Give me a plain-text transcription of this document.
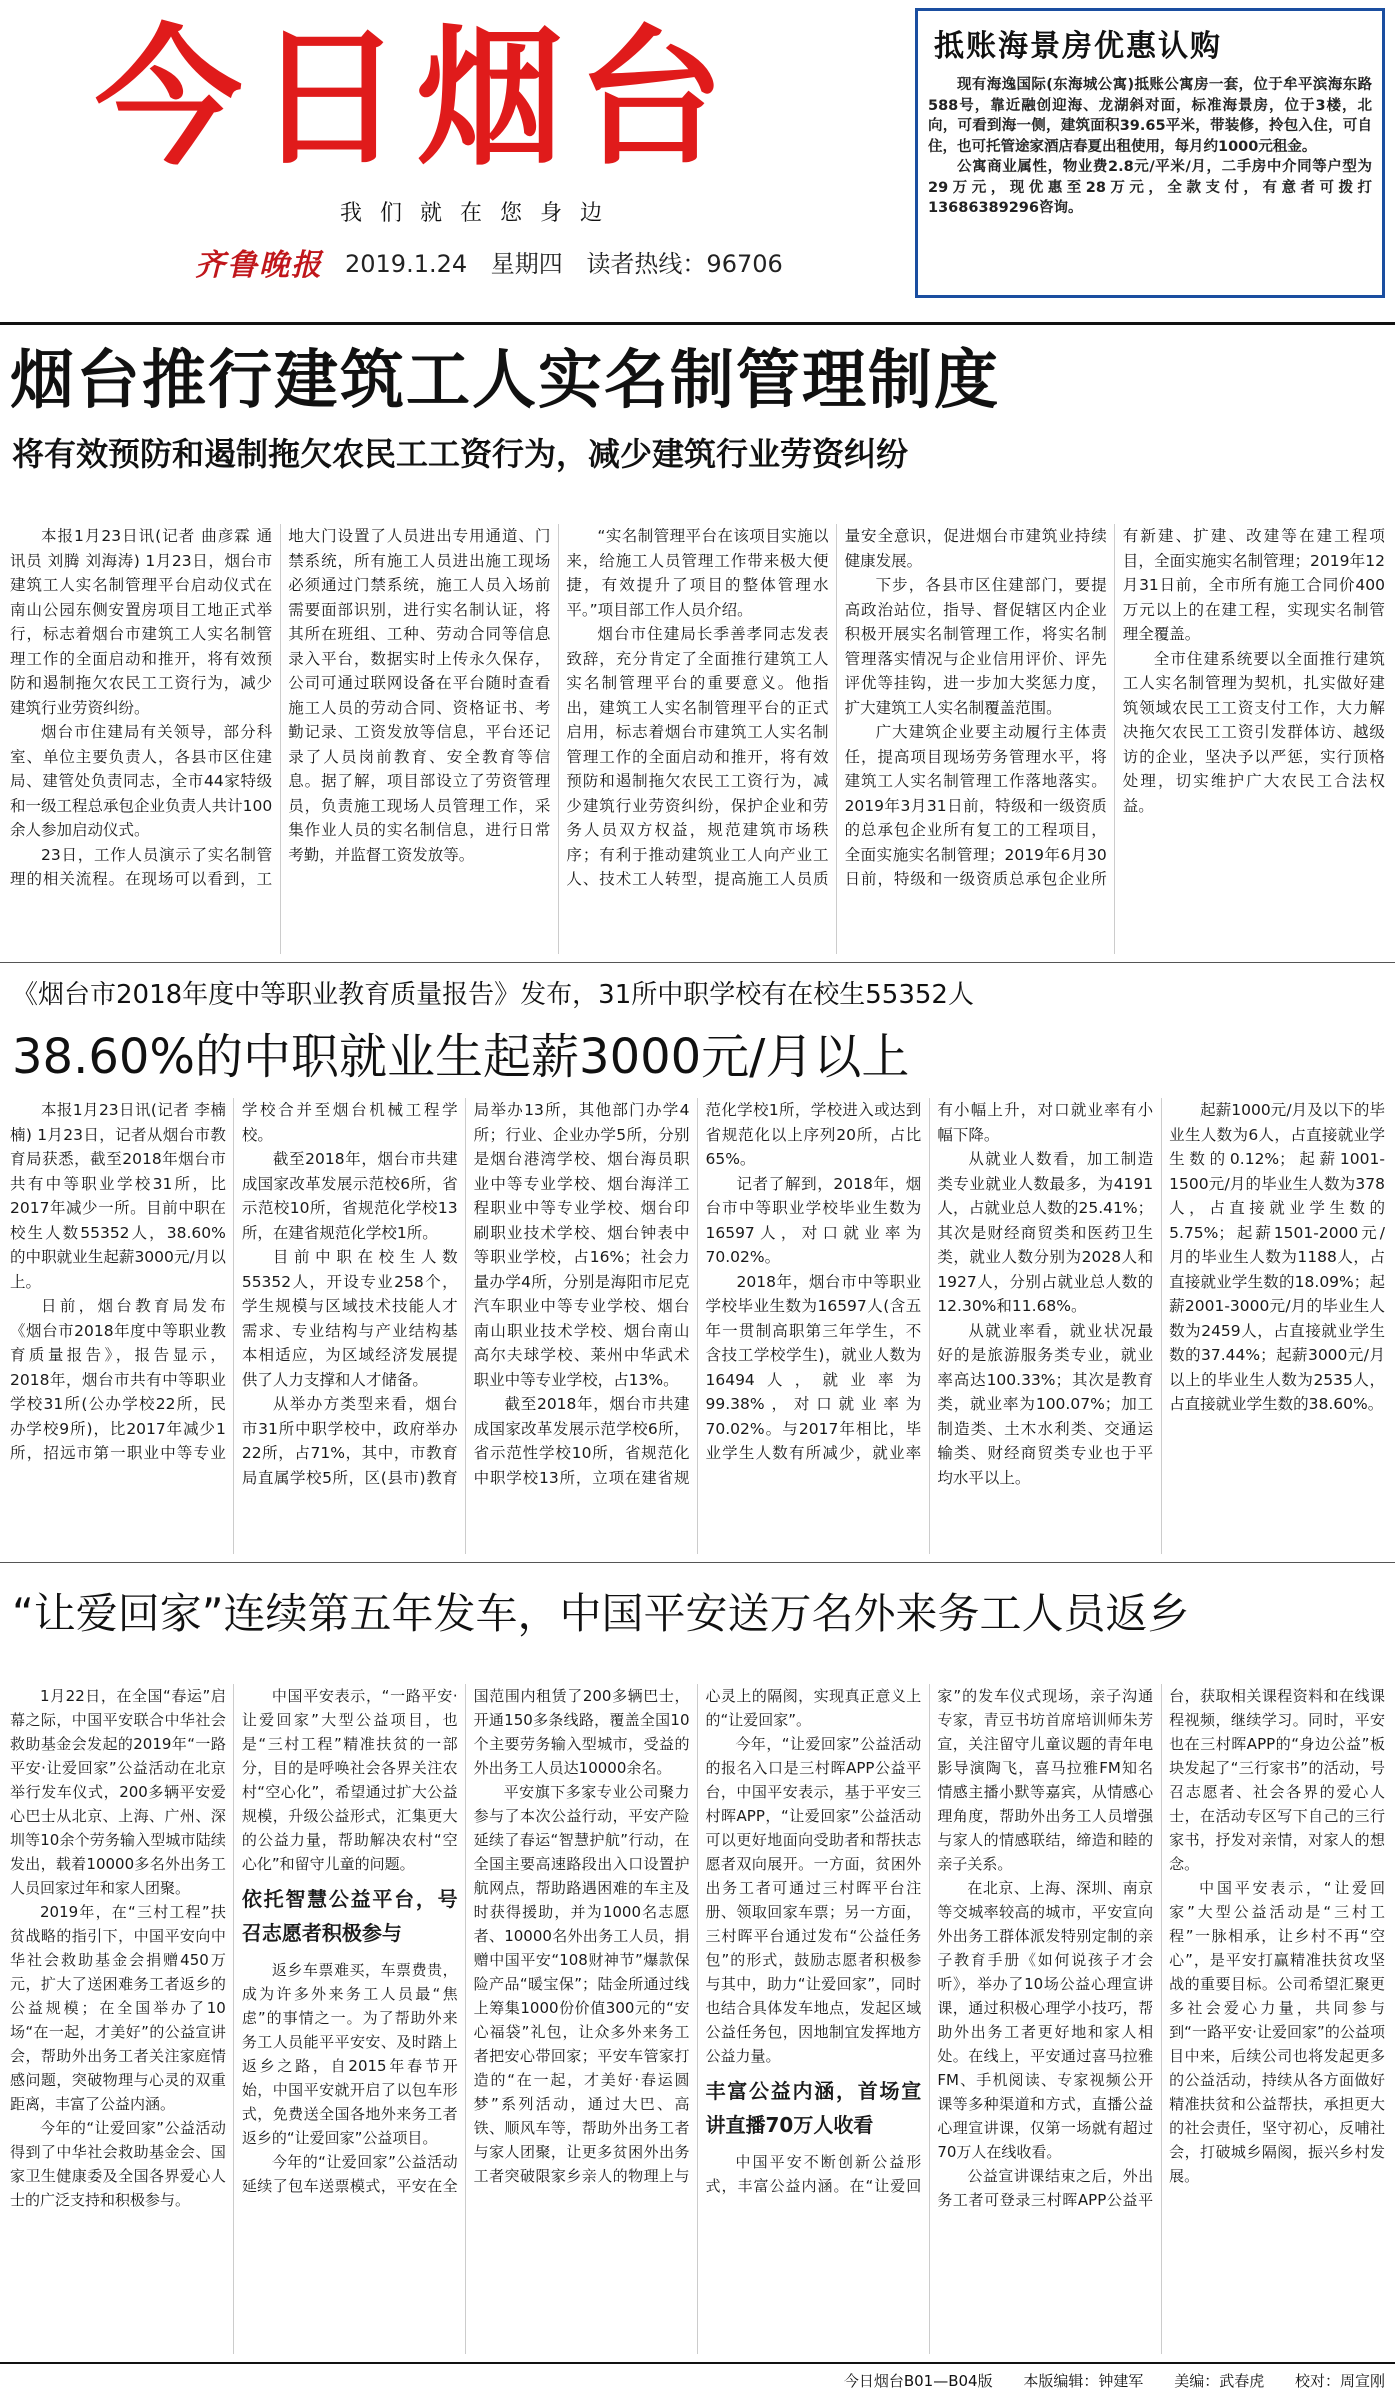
今日烟台
我们就在您身边
齐鲁晚报 2019.1.24 星期四 读者热线：96706
抵账海景房优惠认购
现有海逸国际(东海城公寓)抵账公寓房一套，位于牟平滨海东路588号，靠近融创迎海、龙湖斜对面，标准海景房，位于3楼，北向，可看到海一侧，建筑面积39.65平米，带装修，拎包入住，可自住，也可托管途家酒店春夏出租使用，每月约1000元租金。
公寓商业属性，物业费2.8元/平米/月，二手房中介同等户型为29万元，现优惠至28万元，全款支付，有意者可拨打13686389296咨询。
烟台推行建筑工人实名制管理制度
将有效预防和遏制拖欠农民工工资行为，减少建筑行业劳资纠纷

本报1月23日讯(记者 曲彦霖 通讯员 刘腾 刘海涛) 1月23日，烟台市建筑工人实名制管理平台启动仪式在南山公园东侧安置房项目工地正式举行，标志着烟台市建筑工人实名制管理工作的全面启动和推开，将有效预防和遏制拖欠农民工工资行为，减少建筑行业劳资纠纷。

烟台市住建局有关领导，部分科室、单位主要负责人，各县市区住建局、建管处负责同志，全市44家特级和一级工程总承包企业负责人共计100余人参加启动仪式。

23日，工作人员演示了实名制管理的相关流程。在现场可以看到，工地大门设置了人员进出专用通道、门禁系统，所有施工人员进出施工现场必须通过门禁系统，施工人员入场前需要面部识别，进行实名制认证，将其所在班组、工种、劳动合同等信息录入平台，数据实时上传永久保存，公司可通过联网设备在平台随时查看施工人员的劳动合同、资格证书、考勤记录、工资发放等信息，平台还记录了人员岗前教育、安全教育等信息。据了解，项目部设立了劳资管理员，负责施工现场人员管理工作，采集作业人员的实名制信息，进行日常考勤，并监督工资发放等。

“实名制管理平台在该项目实施以来，给施工人员管理工作带来极大便捷，有效提升了项目的整体管理水平。”项目部工作人员介绍。

烟台市住建局长季善孝同志发表致辞，充分肯定了全面推行建筑工人实名制管理平台的重要意义。他指出，建筑工人实名制管理平台的正式启用，标志着烟台市建筑工人实名制管理工作的全面启动和推开，将有效预防和遏制拖欠农民工工资行为，减少建筑行业劳资纠纷，保护企业和劳务人员双方权益，规范建筑市场秩序；有利于推动建筑业工人向产业工人、技术工人转型，提高施工人员质量安全意识，促进烟台市建筑业持续健康发展。

下步，各县市区住建部门，要提高政治站位，指导、督促辖区内企业积极开展实名制管理工作，将实名制管理落实情况与企业信用评价、评先评优等挂钩，进一步加大奖惩力度，扩大建筑工人实名制覆盖范围。

广大建筑企业要主动履行主体责任，提高项目现场劳务管理水平，将建筑工人实名制管理工作落地落实。2019年3月31日前，特级和一级资质的总承包企业所有复工的工程项目，全面实施实名制管理；2019年6月30日前，特级和一级资质总承包企业所有新建、扩建、改建等在建工程项目，全面实施实名制管理；2019年12月31日前，全市所有施工合同价400万元以上的在建工程，实现实名制管理全覆盖。

全市住建系统要以全面推行建筑工人实名制管理为契机，扎实做好建筑领域农民工工资支付工作，大力解决拖欠农民工工资引发群体访、越级访的企业，坚决予以严惩，实行顶格处理，切实维护广大农民工合法权益。

《烟台市2018年度中等职业教育质量报告》发布，31所中职学校有在校生55352人
38.60%的中职就业生起薪3000元/月以上

本报1月23日讯(记者 李楠楠) 1月23日，记者从烟台市教育局获悉，截至2018年烟台市共有中等职业学校31所，比2017年减少一所。目前中职在校生人数55352人，38.60%的中职就业生起薪3000元/月以上。

日前，烟台教育局发布《烟台市2018年度中等职业教育质量报告》，报告显示，2018年，烟台市共有中等职业学校31所(公办学校22所，民办学校9所)，比2017年减少1所，招远市第一职业中等专业学校合并至烟台机械工程学校。

截至2018年，烟台市共建成国家改革发展示范校6所，省示范校10所，省规范化学校13所，在建省规范化学校1所。

目前中职在校生人数55352人，开设专业258个，学生规模与区域技术技能人才需求、专业结构与产业结构基本相适应，为区域经济发展提供了人力支撑和人才储备。

从举办方类型来看，烟台市31所中职学校中，政府举办22所，占71%，其中，市教育局直属学校5所，区(县市)教育局举办13所，其他部门办学4所；行业、企业办学5所，分别是烟台港湾学校、烟台海员职业中等专业学校、烟台海洋工程职业中等专业学校、烟台印刷职业技术学校、烟台钟表中等职业学校，占16%；社会力量办学4所，分别是海阳市尼克汽车职业中等专业学校、烟台南山职业技术学校、烟台南山高尔夫球学校、莱州中华武术职业中等专业学校，占13%。

截至2018年，烟台市共建成国家改革发展示范学校6所，省示范性学校10所，省规范化中职学校13所，立项在建省规范化学校1所，学校进入或达到省规范化以上序列20所，占比65%。

记者了解到，2018年，烟台市中等职业学校毕业生数为16597人，对口就业率为70.02%。

2018年，烟台市中等职业学校毕业生数为16597人(含五年一贯制高职第三年学生，不含技工学校学生)，就业人数为16494人，就业率为99.38%，对口就业率为70.02%。与2017年相比，毕业学生人数有所减少，就业率有小幅上升，对口就业率有小幅下降。

从就业人数看，加工制造类专业就业人数最多，为4191人，占就业总人数的25.41%；其次是财经商贸类和医药卫生类，就业人数分别为2028人和1927人，分别占就业总人数的12.30%和11.68%。

从就业率看，就业状况最好的是旅游服务类专业，就业率高达100.33%；其次是教育类，就业率为100.07%；加工制造类、土木水利类、交通运输类、财经商贸类专业也于平均水平以上。

起薪1000元/月及以下的毕业生人数为6人，占直接就业学生数的0.12%；起薪1001-1500元/月的毕业生人数为378人，占直接就业学生数的5.75%；起薪1501-2000元/月的毕业生人数为1188人，占直接就业学生数的18.09%；起薪2001-3000元/月的毕业生人数为2459人，占直接就业学生数的37.44%；起薪3000元/月以上的毕业生人数为2535人，占直接就业学生数的38.60%。

“让爱回家”连续第五年发车，中国平安送万名外来务工人员返乡

1月22日，在全国“春运”启幕之际，中国平安联合中华社会救助基金会发起的2019年“一路平安·让爱回家”公益活动在北京举行发车仪式，200多辆平安爱心巴士从北京、上海、广州、深圳等10余个劳务输入型城市陆续发出，载着10000多名外出务工人员回家过年和家人团聚。

2019年，在“三村工程”扶贫战略的指引下，中国平安向中华社会救助基金会捐赠450万元，扩大了送困难务工者返乡的公益规模；在全国举办了10场“在一起，才美好”的公益宣讲会，帮助外出务工者关注家庭情感问题，突破物理与心灵的双重距离，丰富了公益内涵。

今年的“让爱回家”公益活动得到了中华社会救助基金会、国家卫生健康委及全国各界爱心人士的广泛支持和积极参与。

中国平安表示，“一路平安·让爱回家”大型公益项目，也是“三村工程”精准扶贫的一部分，目的是呼唤社会各界关注农村“空心化”，希望通过扩大公益规模，升级公益形式，汇集更大的公益力量，帮助解决农村“空心化”和留守儿童的问题。

依托智慧公益平台，号召志愿者积极参与

返乡车票难买，车票费贵，成为许多外来务工人员最“焦虑”的事情之一。为了帮助外来务工人员能平平安安、及时踏上返乡之路，自2015年春节开始，中国平安就开启了以包车形式，免费送全国各地外来务工者返乡的“让爱回家”公益项目。

今年的“让爱回家”公益活动延续了包车送票模式，平安在全国范围内租赁了200多辆巴士，开通150多条线路，覆盖全国10个主要劳务输入型城市，受益的外出务工人员达10000余名。

平安旗下多家专业公司聚力参与了本次公益行动，平安产险延续了春运“智慧护航”行动，在全国主要高速路段出入口设置护航网点，帮助路遇困难的车主及时获得援助，并为1000名志愿者、10000名外出务工人员，捐赠中国平安“108财神节”爆款保险产品“暖宝保”；陆金所通过线上筹集1000份价值300元的“安心福袋”礼包，让众多外来务工者把安心带回家；平安车管家打造的“在一起，才美好·春运圆梦”系列活动，通过大巴、高铁、顺风车等，帮助外出务工者与家人团聚，让更多贫困外出务工者突破限家乡亲人的物理上与心灵上的隔阂，实现真正意义上的“让爱回家”。

今年，“让爱回家”公益活动的报名入口是三村晖APP公益平台，中国平安表示，基于平安三村晖APP，“让爱回家”公益活动可以更好地面向受助者和帮扶志愿者双向展开。一方面，贫困外出务工者可通过三村晖平台注册、领取回家车票；另一方面，三村晖平台通过发布“公益任务包”的形式，鼓励志愿者积极参与其中，助力“让爱回家”，同时也结合具体发车地点，发起区域公益任务包，因地制宜发挥地方公益力量。

丰富公益内涵，首场宣讲直播70万人收看

中国平安不断创新公益形式，丰富公益内涵。在“让爱回家”的发车仪式现场，亲子沟通专家，青豆书坊首席培训师朱芳宣，关注留守儿童议题的青年电影导演陶飞，喜马拉雅FM知名情感主播小默等嘉宾，从情感心理角度，帮助外出务工人员增强与家人的情感联结，缔造和睦的亲子关系。

在北京、上海、深圳、南京等交城率较高的城市，平安宣向外出务工群体派发特别定制的亲子教育手册《如何说孩子才会听》，举办了10场公益心理宣讲课，通过积极心理学小技巧，帮助外出务工者更好地和家人相处。在线上，平安通过喜马拉雅FM、手机阅读、专家视频公开课等多种渠道和方式，直播公益心理宣讲课，仅第一场就有超过70万人在线收看。

公益宣讲课结束之后，外出务工者可登录三村晖APP公益平台，获取相关课程资料和在线课程视频，继续学习。同时，平安也在三村晖APP的“身边公益”板块发起了“三行家书”的活动，号召志愿者、社会各界的爱心人士，在活动专区写下自己的三行家书，抒发对亲情，对家人的想念。

中国平安表示，“让爱回家”大型公益活动是“三村工程”一脉相承，让乡村不再“空心”，是平安打赢精准扶贫攻坚战的重要目标。公司希望汇聚更多社会爱心力量，共同参与到“一路平安·让爱回家”的公益项目中来，后续公司也将发起更多的公益活动，持续从各方面做好精准扶贫和公益帮扶，承担更大的社会责任，坚守初心，反哺社会，打破城乡隔阂，振兴乡村发展。

今日烟台B01—B04版 本版编辑：钟建军 美编：武春虎 校对：周宣刚
